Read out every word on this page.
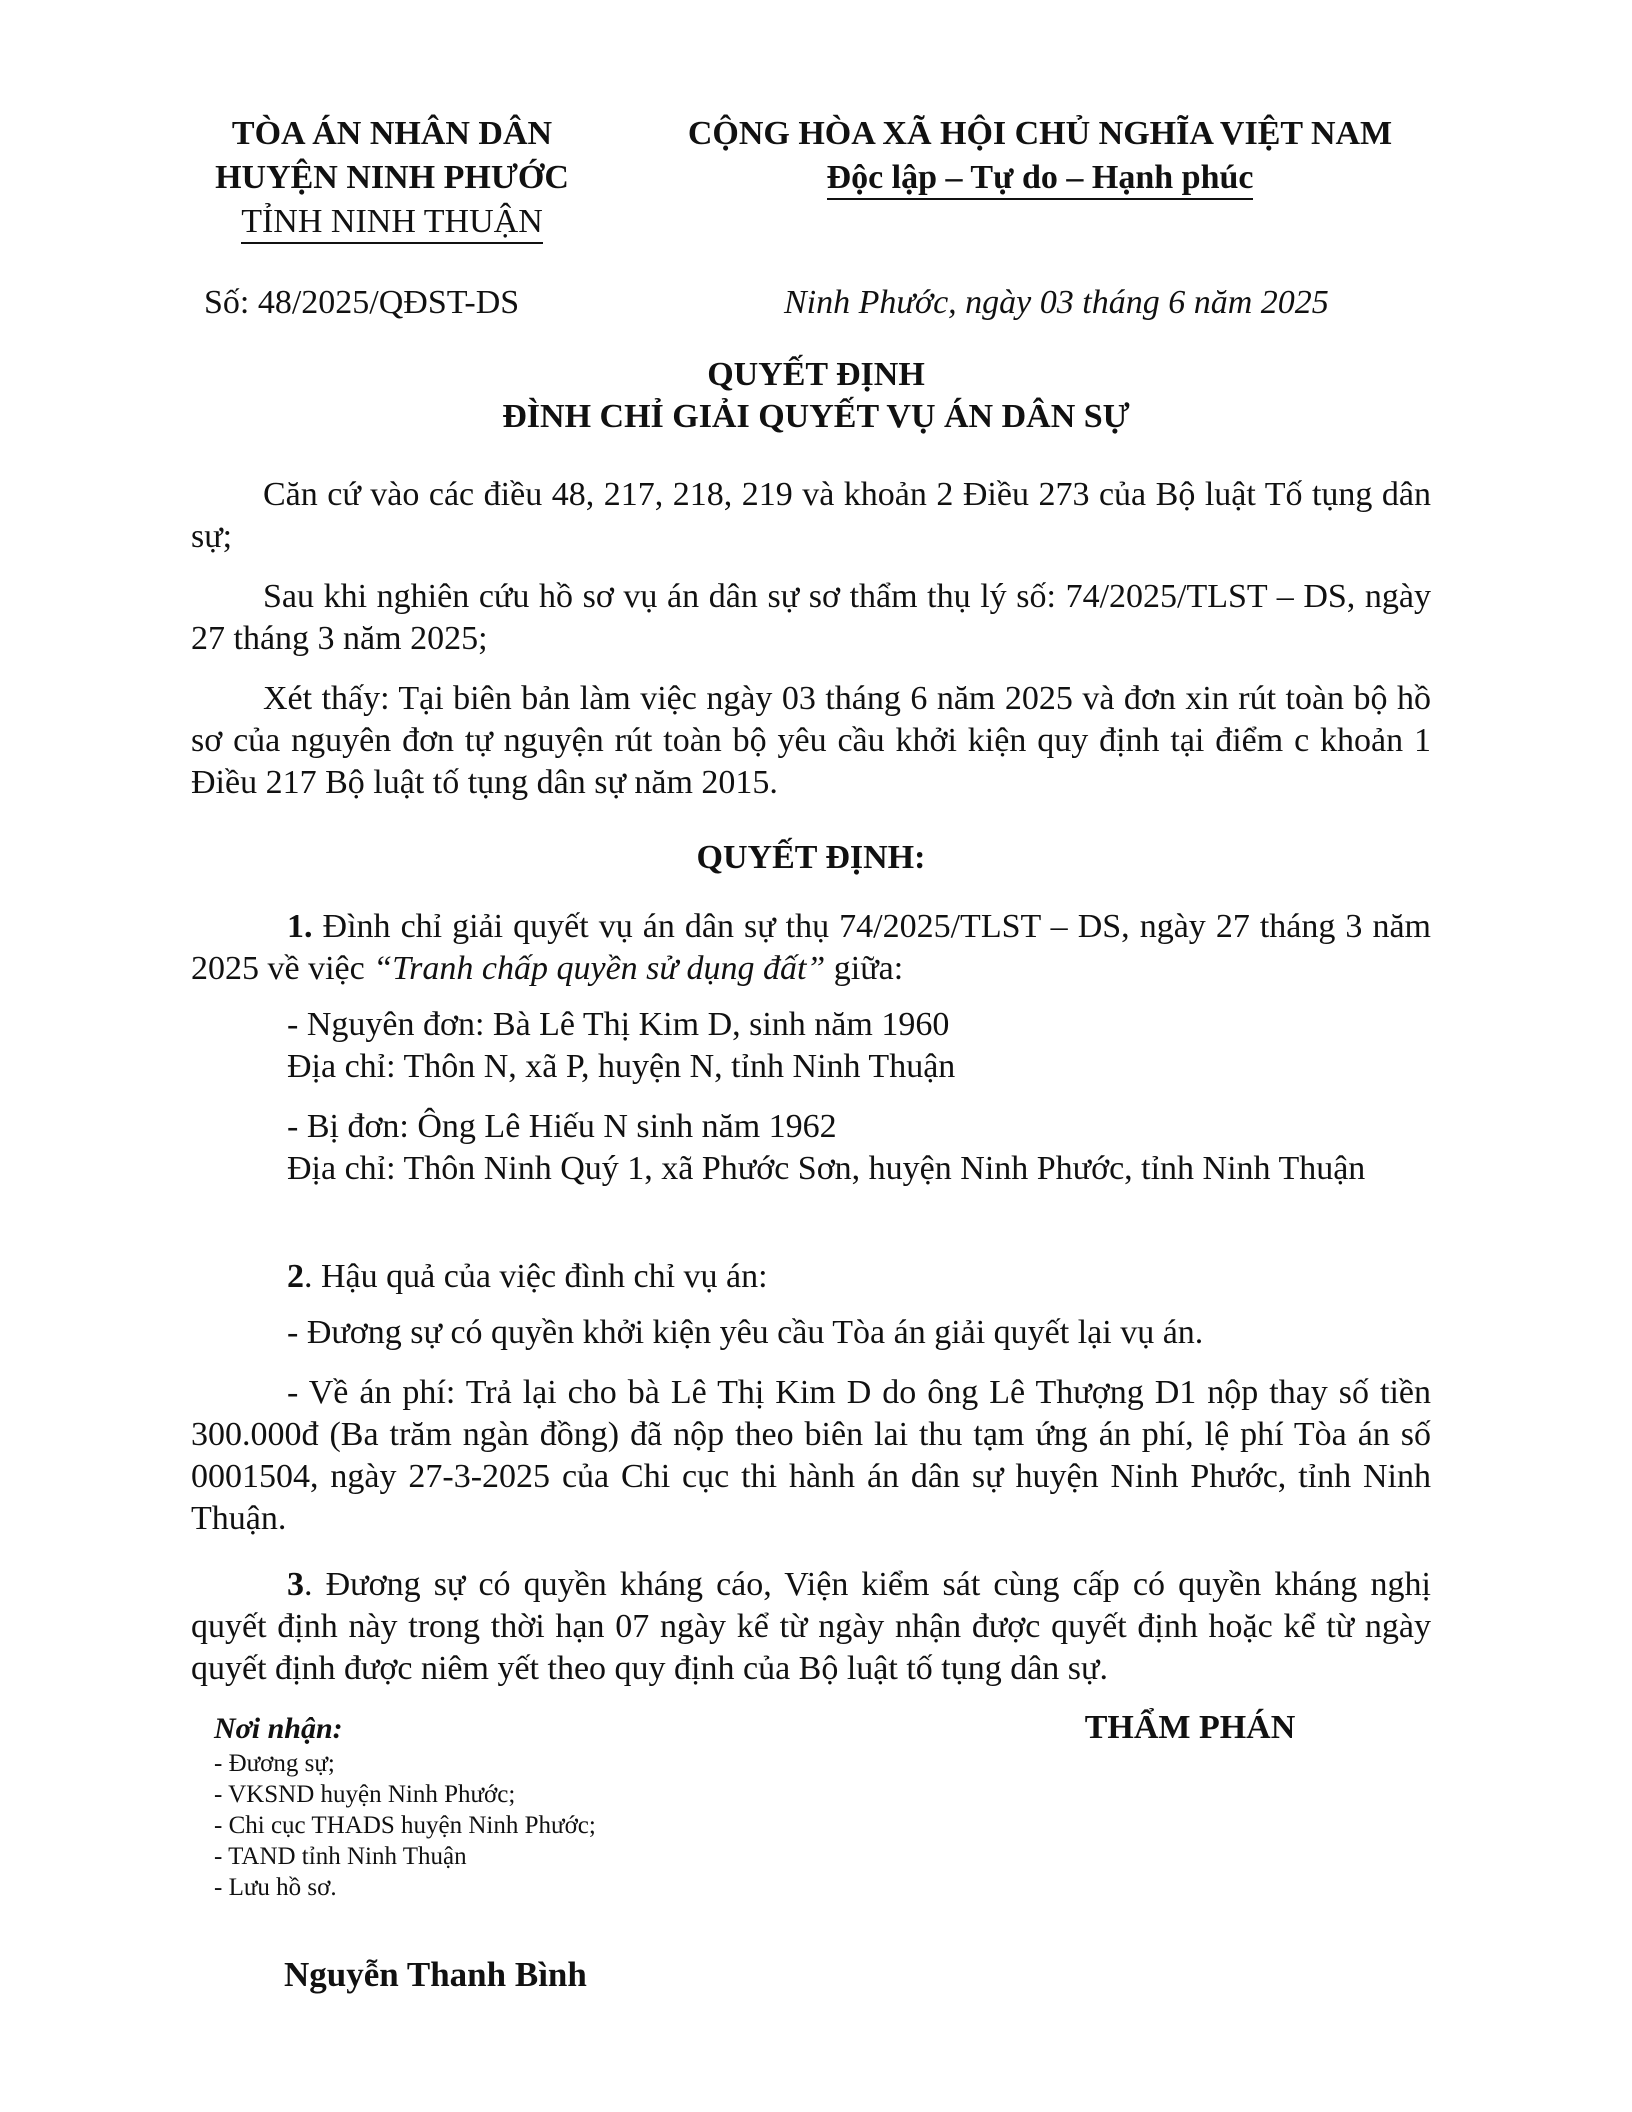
TÒA ÁN NHÂN DÂN
HUYỆN NINH PHƯỚC
TỈNH NINH THUẬN
CỘNG HÒA XÃ HỘI CHỦ NGHĨA VIỆT NAM
Độc lập – Tự do – Hạnh phúc
Số: 48/2025/QĐST-DS	Ninh Phước, ngày 03 tháng 6 năm 2025
QUYẾT ĐỊNH
ĐÌNH CHỈ GIẢI QUYẾT VỤ ÁN DÂN SỰ
Căn cứ vào các điều 48, 217, 218, 219 và khoản 2 Điều 273 của Bộ luật Tố tụng dân sự;
Sau khi nghiên cứu hồ sơ vụ án dân sự sơ thẩm thụ lý số: 74/2025/TLST – DS, ngày 27 tháng 3 năm 2025;
Xét thấy: Tại biên bản làm việc ngày 03 tháng 6 năm 2025 và đơn xin rút toàn bộ hồ sơ của nguyên đơn tự nguyện rút toàn bộ yêu cầu khởi kiện quy định tại điểm c khoản 1 Điều 217 Bộ luật tố tụng dân sự năm 2015.
QUYẾT ĐỊNH:
1. Đình chỉ giải quyết vụ án dân sự thụ 74/2025/TLST – DS, ngày 27 tháng 3 năm 2025 về việc “Tranh chấp quyền sử dụng đất” giữa:
- Nguyên đơn: Bà Lê Thị Kim D, sinh năm 1960
Địa chỉ: Thôn N, xã P, huyện N, tỉnh Ninh Thuận
- Bị đơn: Ông Lê Hiếu N sinh năm 1962
Địa chỉ: Thôn Ninh Quý 1, xã Phước Sơn, huyện Ninh Phước, tỉnh Ninh Thuận
2. Hậu quả của việc đình chỉ vụ án:
- Đương sự có quyền khởi kiện yêu cầu Tòa án giải quyết lại vụ án.
- Về án phí: Trả lại cho bà Lê Thị Kim D do ông Lê Thượng D1 nộp thay số tiền 300.000đ (Ba trăm ngàn đồng) đã nộp theo biên lai thu tạm ứng án phí, lệ phí Tòa án số 0001504, ngày 27-3-2025 của Chi cục thi hành án dân sự huyện Ninh Phước, tỉnh Ninh Thuận.
3. Đương sự có quyền kháng cáo, Viện kiểm sát cùng cấp có quyền kháng nghị quyết định này trong thời hạn 07 ngày kể từ ngày nhận được quyết định hoặc kể từ ngày quyết định được niêm yết theo quy định của Bộ luật tố tụng dân sự.
Nơi nhận:
- Đương sự;
- VKSND huyện Ninh Phước;
- Chi cục THADS huyện Ninh Phước;
- TAND tỉnh Ninh Thuận
- Lưu hồ sơ.
THẨM PHÁN
Nguyễn Thanh Bình
